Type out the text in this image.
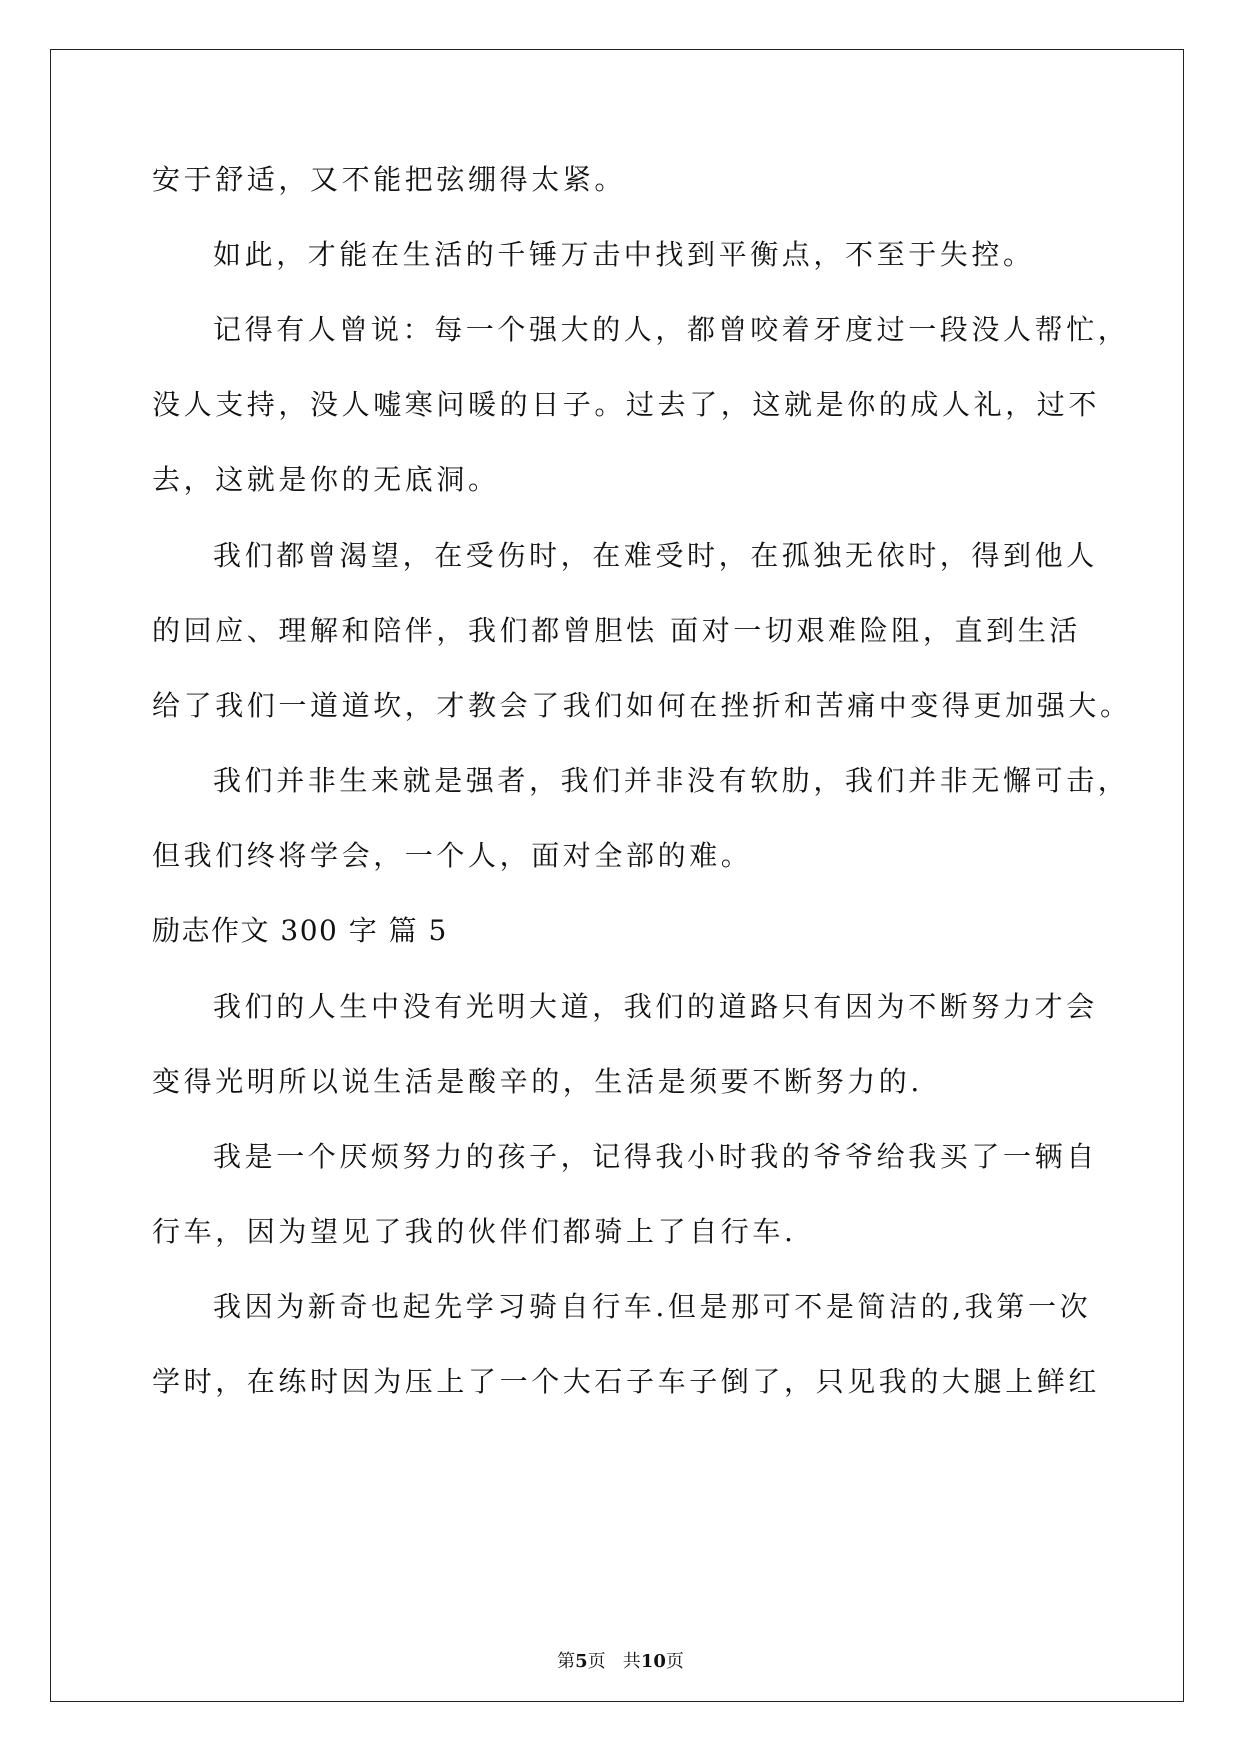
安于舒适，又不能把弦绷得太紧。
如此，才能在生活的千锤万击中找到平衡点，不至于失控。
记得有人曾说：每一个强大的人，都曾咬着牙度过一段没人帮忙，
没人支持，没人嘘寒问暖的日子。过去了，这就是你的成人礼，过不
去，这就是你的无底洞。
我们都曾渴望，在受伤时，在难受时，在孤独无依时，得到他人
的回应、理解和陪伴，我们都曾胆怯 面对一切艰难险阻，直到生活
给了我们一道道坎，才教会了我们如何在挫折和苦痛中变得更加强大。
我们并非生来就是强者，我们并非没有软肋，我们并非无懈可击，
但我们终将学会，一个人，面对全部的难。
励志作文 300 字 篇 5
我们的人生中没有光明大道，我们的道路只有因为不断努力才会
变得光明所以说生活是酸辛的，生活是须要不断努力的.
我是一个厌烦努力的孩子，记得我小时我的爷爷给我买了一辆自
行车，因为望见了我的伙伴们都骑上了自行车.
我因为新奇也起先学习骑自行车.但是那可不是简洁的,我第一次
学时，在练时因为压上了一个大石子车子倒了，只见我的大腿上鲜红
第5页   共10页
